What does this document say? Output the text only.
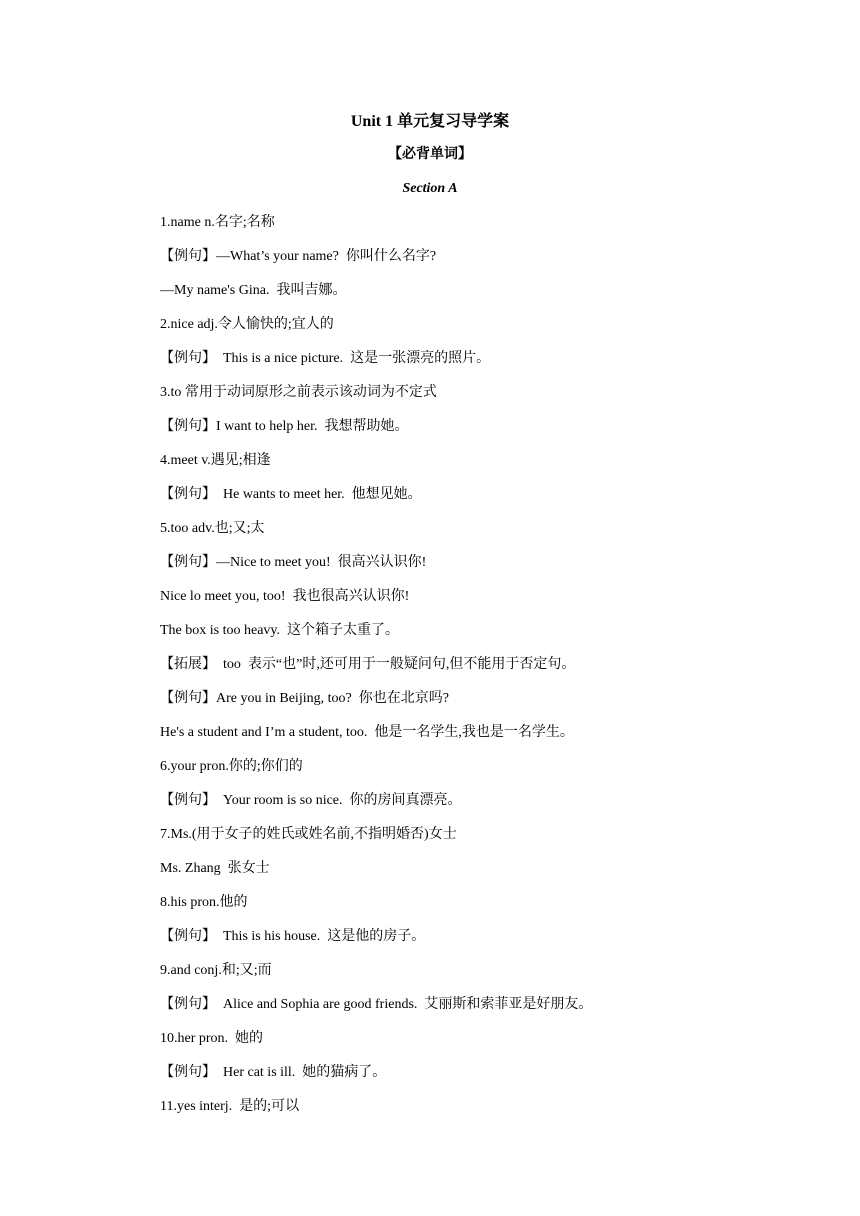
Unit 1 单元复习导学案
【必背单词】
Section A
1.name n.名字;名称
【例句】—What’s your name?  你叫什么名字?
—My name's Gina.  我叫吉娜。
2.nice adj.令人愉快的;宜人的
【例句】  This is a nice picture.  这是一张漂亮的照片。
3.to 常用于动词原形之前表示该动词为不定式
【例句】I want to help her.  我想帮助她。
4.meet v.遇见;相逢
【例句】  He wants to meet her.  他想见她。
5.too adv.也;又;太
【例句】—Nice to meet you!  很高兴认识你!
Nice lo meet you, too!  我也很高兴认识你!
The box is too heavy.  这个箱子太重了。
【拓展】  too  表示“也”时,还可用于一般疑问句,但不能用于否定句。
【例句】Are you in Beijing, too?  你也在北京吗?
He's a student and I’m a student, too.  他是一名学生,我也是一名学生。
6.your pron.你的;你们的
【例句】  Your room is so nice.  你的房间真漂亮。
7.Ms.(用于女子的姓氏或姓名前,不指明婚否)女士
Ms. Zhang  张女士
8.his pron.他的
【例句】  This is his house.  这是他的房子。
9.and conj.和;又;而
【例句】  Alice and Sophia are good friends.  艾丽斯和索菲亚是好朋友。
10.her pron.  她的
【例句】  Her cat is ill.  她的猫病了。
11.yes interj.  是的;可以
